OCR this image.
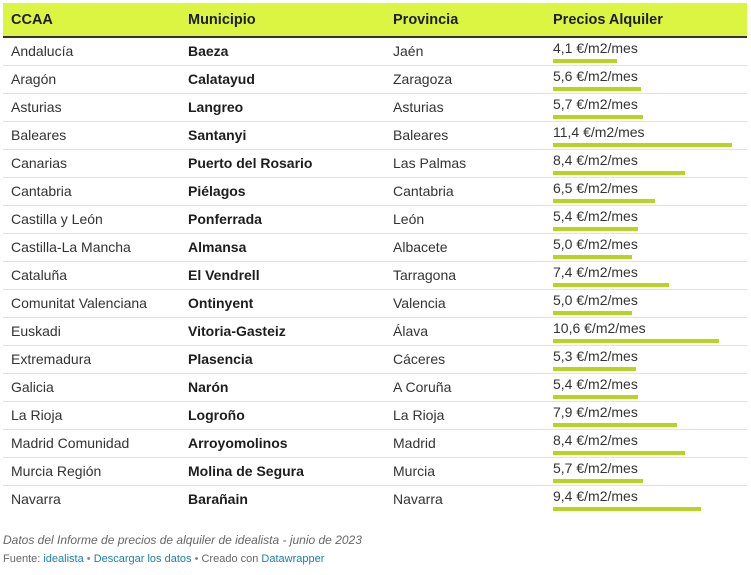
CCAA	Municipio	Provincia	Precios Alquiler
Andalucía	Baeza	Jaén	4,1 €/m2/mes
Aragón	Calatayud	Zaragoza	5,6 €/m2/mes
Asturias	Langreo	Asturias	5,7 €/m2/mes
Baleares	Santanyi	Baleares	11,4 €/m2/mes
Canarias	Puerto del Rosario	Las Palmas	8,4 €/m2/mes
Cantabria	Piélagos	Cantabria	6,5 €/m2/mes
Castilla y León	Ponferrada	León	5,4 €/m2/mes
Castilla-La Mancha	Almansa	Albacete	5,0 €/m2/mes
Cataluña	El Vendrell	Tarragona	7,4 €/m2/mes
Comunitat Valenciana	Ontinyent	Valencia	5,0 €/m2/mes
Euskadi	Vitoria-Gasteiz	Álava	10,6 €/m2/mes
Extremadura	Plasencia	Cáceres	5,3 €/m2/mes
Galicia	Narón	A Coruña	5,4 €/m2/mes
La Rioja	Logroño	La Rioja	7,9 €/m2/mes
Madrid Comunidad	Arroyomolinos	Madrid	8,4 €/m2/mes
Murcia Región	Molina de Segura	Murcia	5,7 €/m2/mes
Navarra	Barañain	Navarra	9,4 €/m2/mes
Datos del Informe de precios de alquiler de idealista - junio de 2023
Fuente: idealista • Descargar los datos • Creado con Datawrapper
